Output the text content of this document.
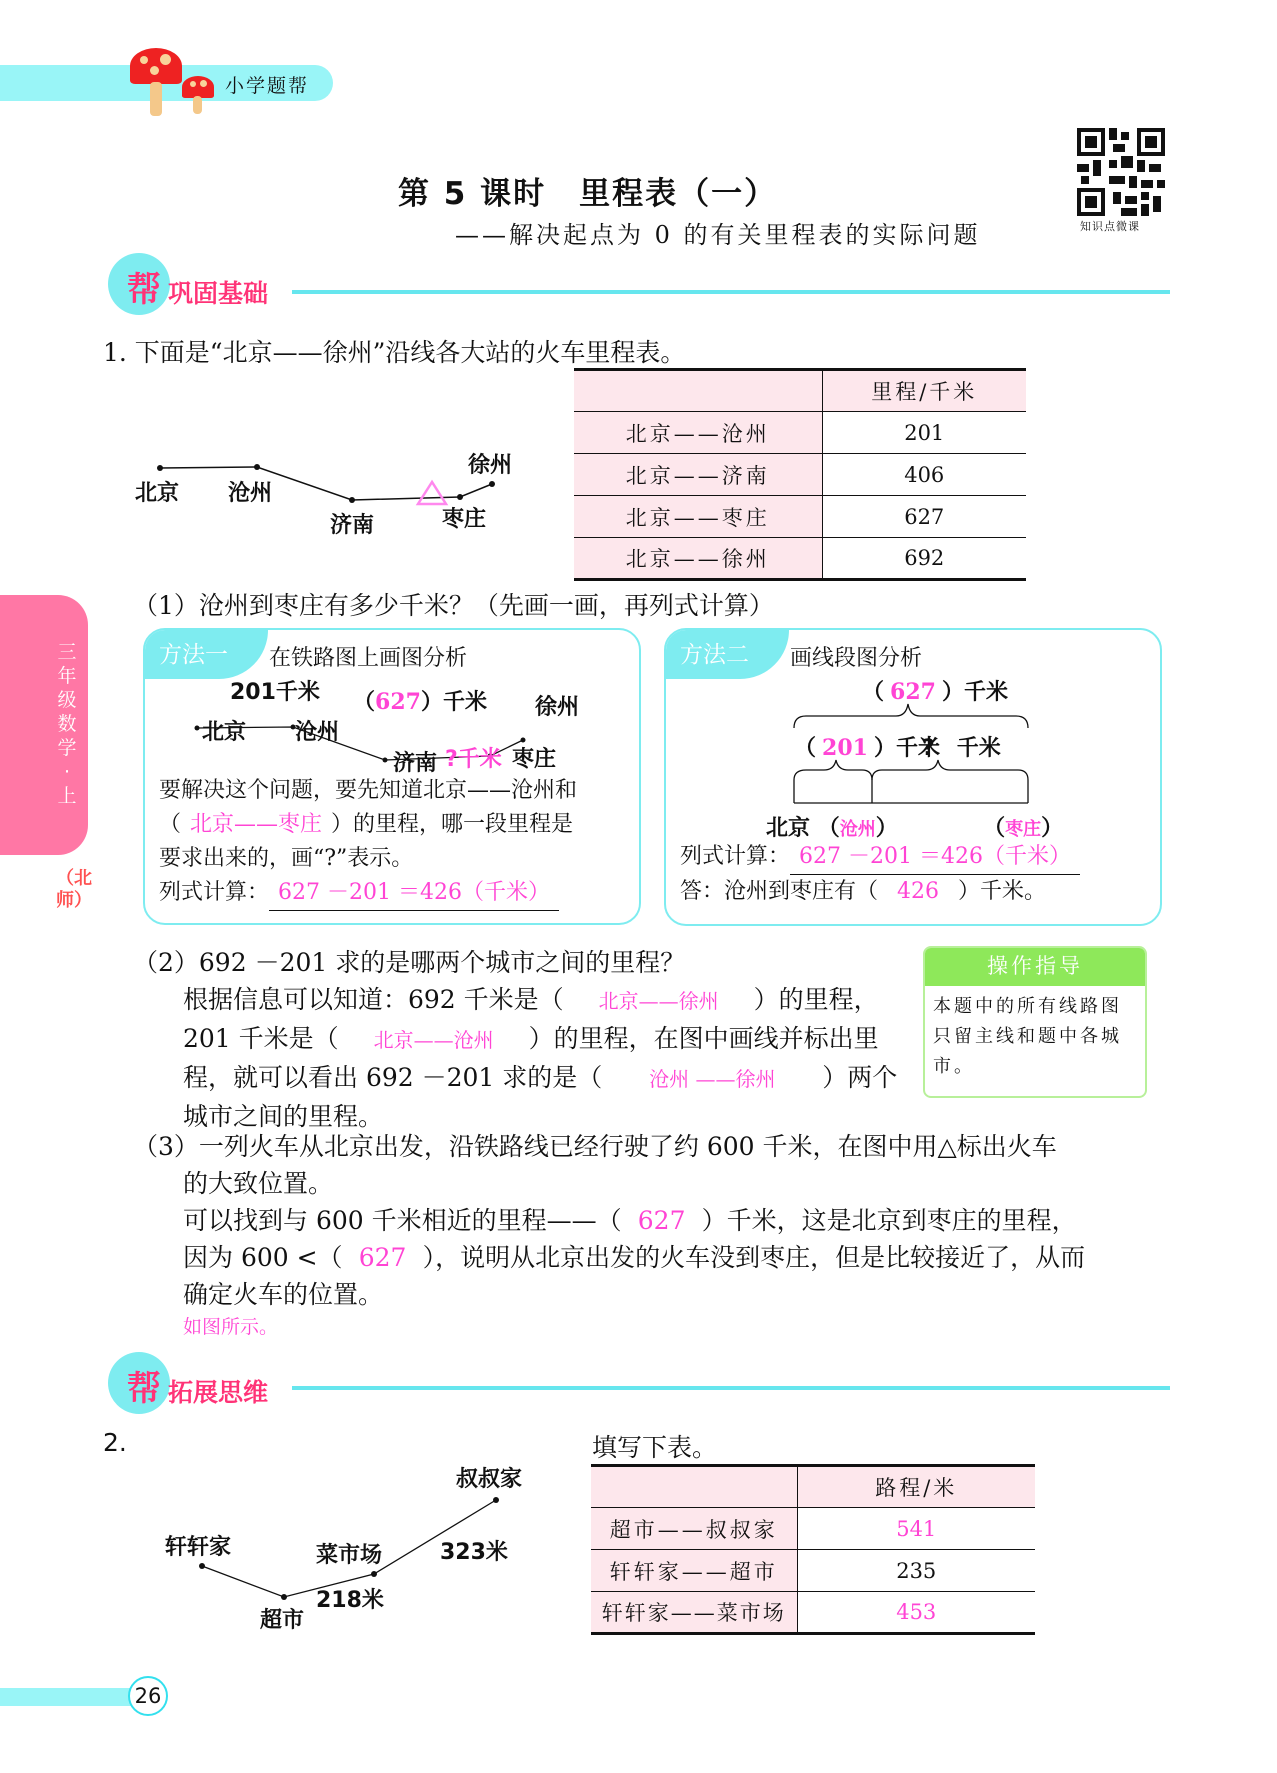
小学题帮
第 5 课时　里程表（一）
——解决起点为 0 的有关里程表的实际问题	知识点微课
三年级数学·上
（北师）
帮 巩固基础
1. 下面是“北京——徐州”沿线各大站的火车里程表。
北京 沧州
济南	枣庄
徐州
	里程/千米
北京——沧州	201
北京——济南	406
北京——枣庄	627
北京——徐州	692
（1）沧州到枣庄有多少千米？（先画一画，再列式计算）
方法一	在铁路图上画图分析
201千米 （627）千米 徐州
北京 沧州
济南 ?千米 枣庄
要解决这个问题，要先知道北京——沧州和
（ 北京——枣庄 ）的里程，哪一段里程是
要求出来的，画“?”表示。
列式计算： 627 －201 ＝426（千米）
方法二	画线段图分析
（ 627 ）千米
（ 201 ）千米
?　千米
北京 （沧州）	（枣庄）
列式计算： 627 －201 ＝426（千米）
答：沧州到枣庄有（ 426 ）千米。
（2）692 －201 求的是哪两个城市之间的里程？
根据信息可以知道：692 千米是（ 北京——徐州 ）的里程，
201 千米是（ 北京——沧州 ）的里程，在图中画线并标出里
程，就可以看出 692 －201 求的是（ 沧州 ——徐州 ）两个
城市之间的里程。
操作指导
本题中的所有线路图只留主线和题中各城市。
（3）一列火车从北京出发，沿铁路线已经行驶了约 600 千米，在图中用△标出火车
的大致位置。
可以找到与 600 千米相近的里程——（ 627 ）千米，这是北京到枣庄的里程，
因为 600 <（ 627 ），说明从北京出发的火车没到枣庄，但是比较接近了，从而
确定火车的位置。
如图所示。
帮 拓展思维
2.
轩轩家
超市
218米
菜市场	323米
叔叔家
填写下表。
	路程/米
超市——叔叔家	541
轩轩家——超市	235
轩轩家——菜市场	453
26
